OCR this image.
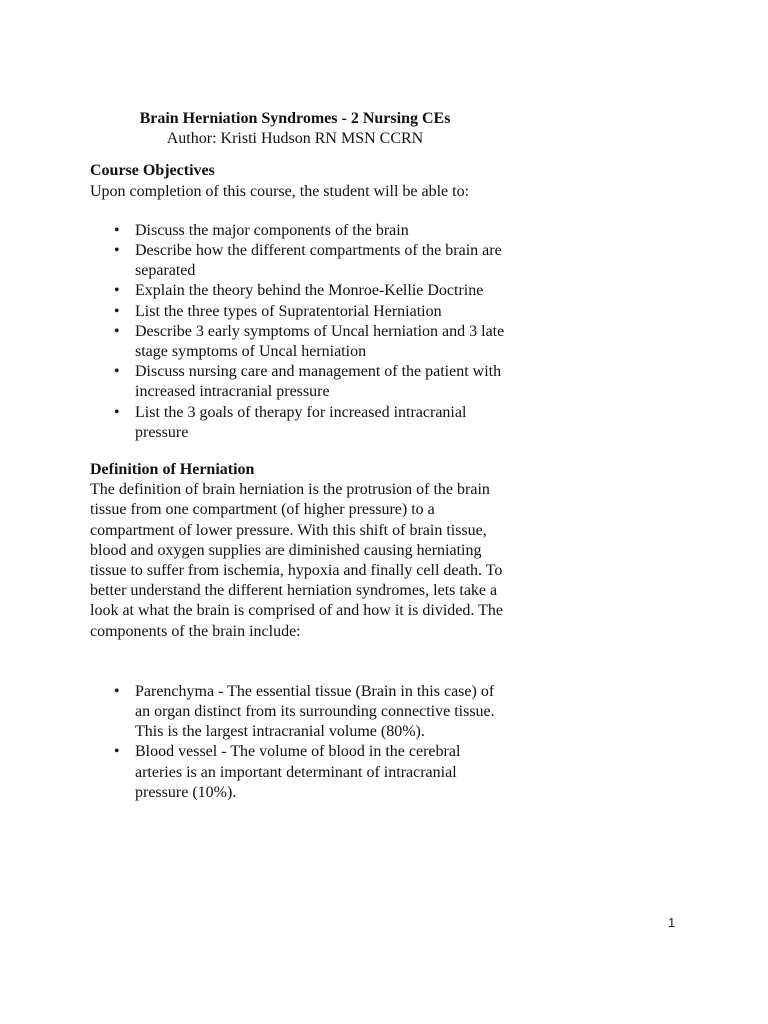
Brain Herniation Syndromes - 2 Nursing CEs
Author: Kristi Hudson RN MSN CCRN
Course Objectives

Upon completion of this course, the student will be able to:

• Discuss the major components of the brain
• Describe how the different compartments of the brain are separated
• Explain the theory behind the Monroe-Kellie Doctrine
• List the three types of Supratentorial Herniation
• Describe 3 early symptoms of Uncal herniation and 3 late stage symptoms of Uncal herniation
• Discuss nursing care and management of the patient with increased intracranial pressure
• List the 3 goals of therapy for increased intracranial pressure
Definition of Herniation

The definition of brain herniation is the protrusion of the brain tissue from one compartment (of higher pressure) to a compartment of lower pressure. With this shift of brain tissue, blood and oxygen supplies are diminished causing herniating tissue to suffer from ischemia, hypoxia and finally cell death. To better understand the different herniation syndromes, lets take a look at what the brain is comprised of and how it is divided. The components of the brain include:

• Parenchyma - The essential tissue (Brain in this case) of an organ distinct from its surrounding connective tissue. This is the largest intracranial volume (80%).
• Blood vessel - The volume of blood in the cerebral arteries is an important determinant of intracranial pressure (10%).
1
